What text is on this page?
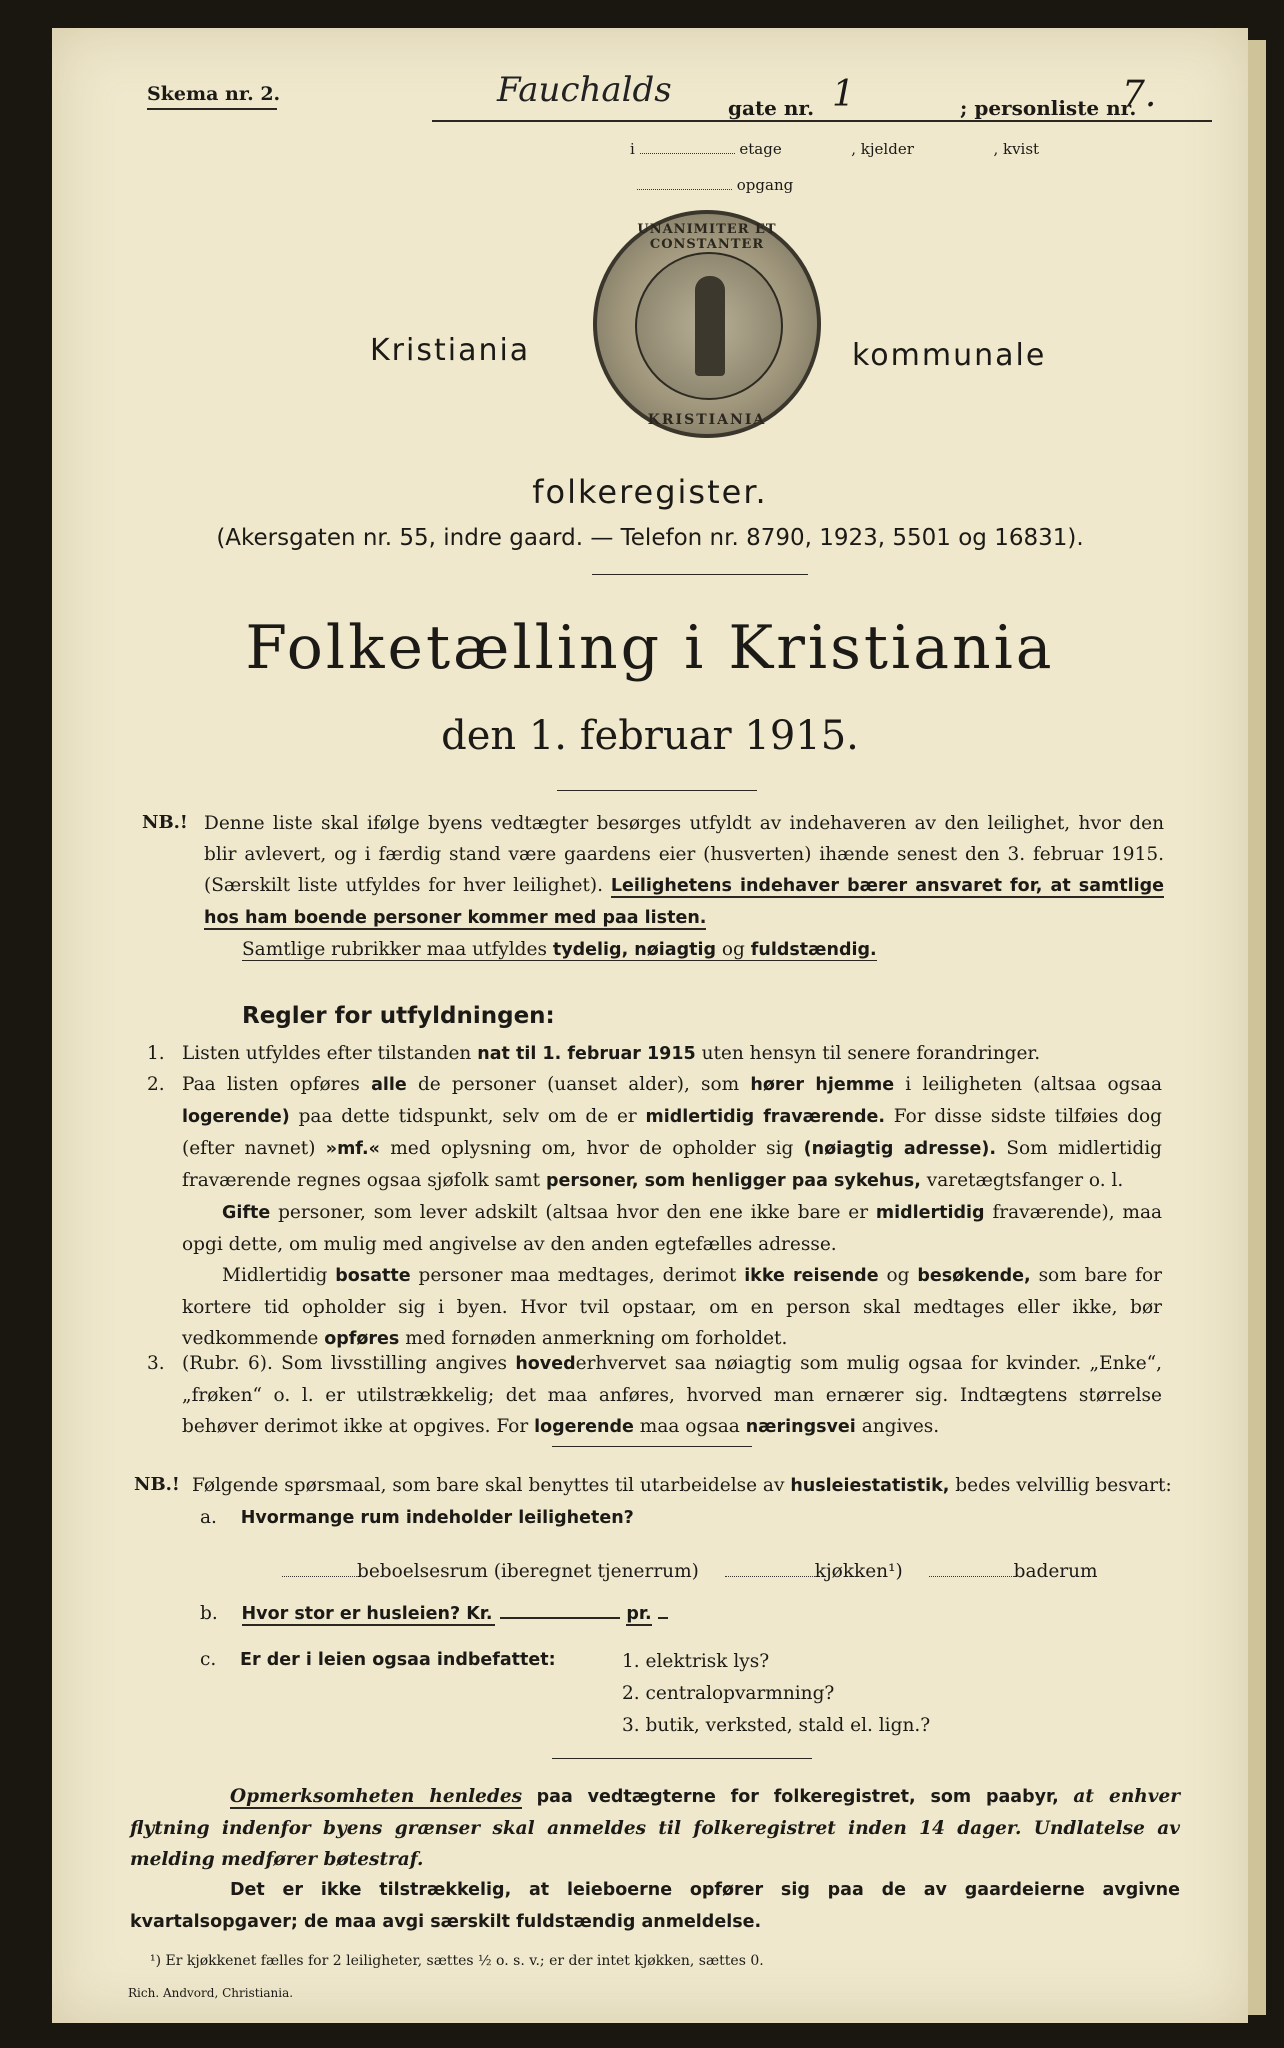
Skema nr. 2.	Fauchalds	gate nr. 1	; personliste nr.
7.
i	etage	, kjelder	, kvist
opgang
UNANIMITER ET CONSTANTER
KRISTIANIA
Kristiania	kommunale
folkeregister.
(Akersgaten nr. 55, indre gaard. — Telefon nr. 8790, 1923, 5501 og 16831).
Folketælling i Kristiania
den 1. februar 1915.
NB.! Denne liste skal ifølge byens vedtægter besørges utfyldt av indehaveren av den leilighet, hvor den blir avlevert, og i færdig stand være gaardens eier (husverten) ihænde senest den 3. februar 1915. (Særskilt liste utfyldes for hver leilighet). Leilighetens indehaver bærer ansvaret for, at samtlige hos ham boende personer kommer med paa listen.
Samtlige rubrikker maa utfyldes tydelig, nøiagtig og fuldstændig.
Regler for utfyldningen:
1. Listen utfyldes efter tilstanden nat til 1. februar 1915 uten hensyn til senere forandringer.
2. Paa listen opføres alle de personer (uanset alder), som hører hjemme i leiligheten (altsaa ogsaa logerende) paa dette tidspunkt, selv om de er midlertidig fraværende. For disse sidste tilføies dog (efter navnet) »mf.« med oplysning om, hvor de opholder sig (nøiagtig adresse). Som midlertidig fraværende regnes ogsaa sjøfolk samt personer, som henligger paa sykehus, varetægtsfanger o. l.
Gifte personer, som lever adskilt (altsaa hvor den ene ikke bare er midlertidig fraværende), maa opgi dette, om mulig med angivelse av den anden egtefælles adresse.
Midlertidig bosatte personer maa medtages, derimot ikke reisende og besøkende, som bare for kortere tid opholder sig i byen. Hvor tvil opstaar, om en person skal medtages eller ikke, bør vedkommende opføres med fornøden anmerkning om forholdet.
3. (Rubr. 6). Som livsstilling angives hovederhvervet saa nøiagtig som mulig ogsaa for kvinder. „Enke“, „frøken“ o. l. er utilstrækkelig; det maa anføres, hvorved man ernærer sig. Indtægtens størrelse behøver derimot ikke at opgives. For logerende maa ogsaa næringsvei angives.
NB.! Følgende spørsmaal, som bare skal benyttes til utarbeidelse av husleiestatistik, bedes velvillig besvart:
a. Hvormange rum indeholder leiligheten?
beboelsesrum (iberegnet tjenerrum)	kjøkken¹)	baderum
b. Hvor stor er husleien? Kr.	pr.
c. Er der i leien ogsaa indbefattet:	1. elektrisk lys?
2. centralopvarmning?
3. butik, verksted, stald el. lign.?
Opmerksomheten henledes paa vedtægterne for folkeregistret, som paabyr, at enhver flytning indenfor byens grænser skal anmeldes til folkeregistret inden 14 dager. Undlatelse av melding medfører bøtestraf.
Det er ikke tilstrækkelig, at leieboerne opfører sig paa de av gaardeierne avgivne kvartalsopgaver; de maa avgi særskilt fuldstændig anmeldelse.
¹) Er kjøkkenet fælles for 2 leiligheter, sættes ½ o. s. v.; er der intet kjøkken, sættes 0.
Rich. Andvord, Christiania.
